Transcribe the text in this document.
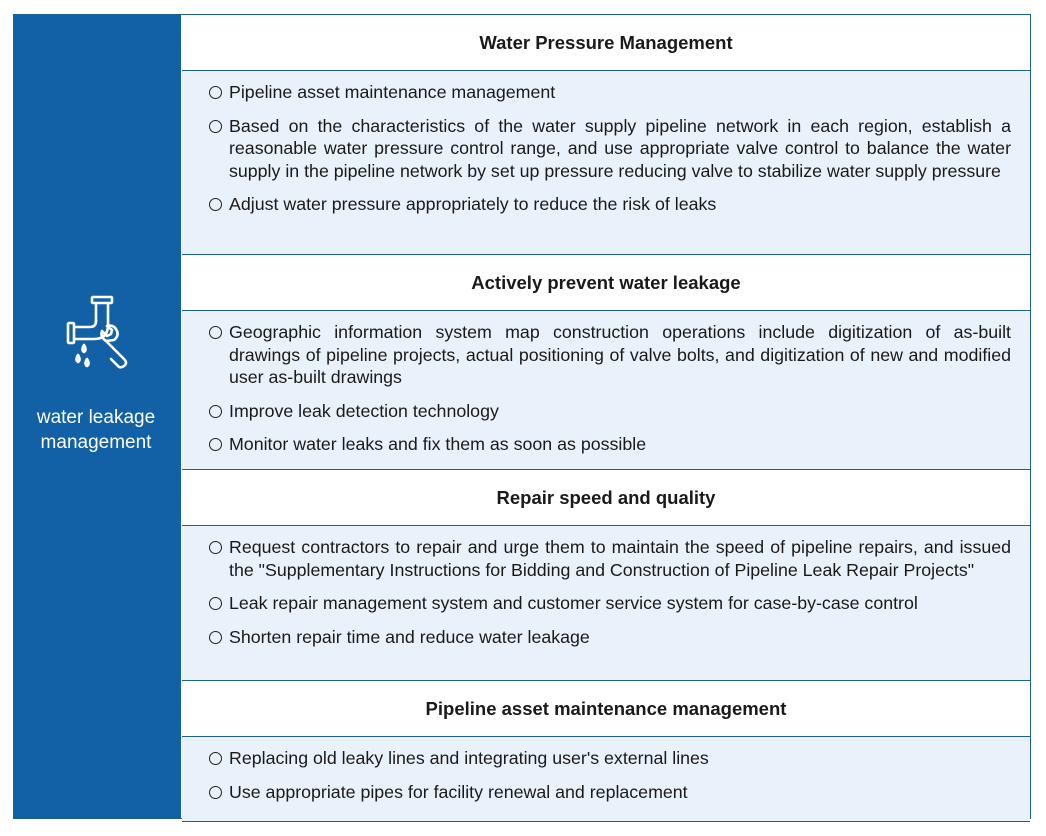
water leakage management
Water Pressure Management
Pipeline asset maintenance management
Based on the characteristics of the water supply pipeline network in each region, establish a reasonable water pressure control range, and use appropriate valve control to balance the water supply in the pipeline network by set up pressure reducing valve to stabilize water supply pressure
Adjust water pressure appropriately to reduce the risk of leaks
Actively prevent water leakage
Geographic information system map construction operations include digitization of as-built drawings of pipeline projects, actual positioning of valve bolts, and digitization of new and modified user as-built drawings
Improve leak detection technology
Monitor water leaks and fix them as soon as possible
Repair speed and quality
Request contractors to repair and urge them to maintain the speed of pipeline repairs, and issued the "Supplementary Instructions for Bidding and Construction of Pipeline Leak Repair Projects"
Leak repair management system and customer service system for case-by-case control
Shorten repair time and reduce water leakage
Pipeline asset maintenance management
Replacing old leaky lines and integrating user's external lines
Use appropriate pipes for facility renewal and replacement
